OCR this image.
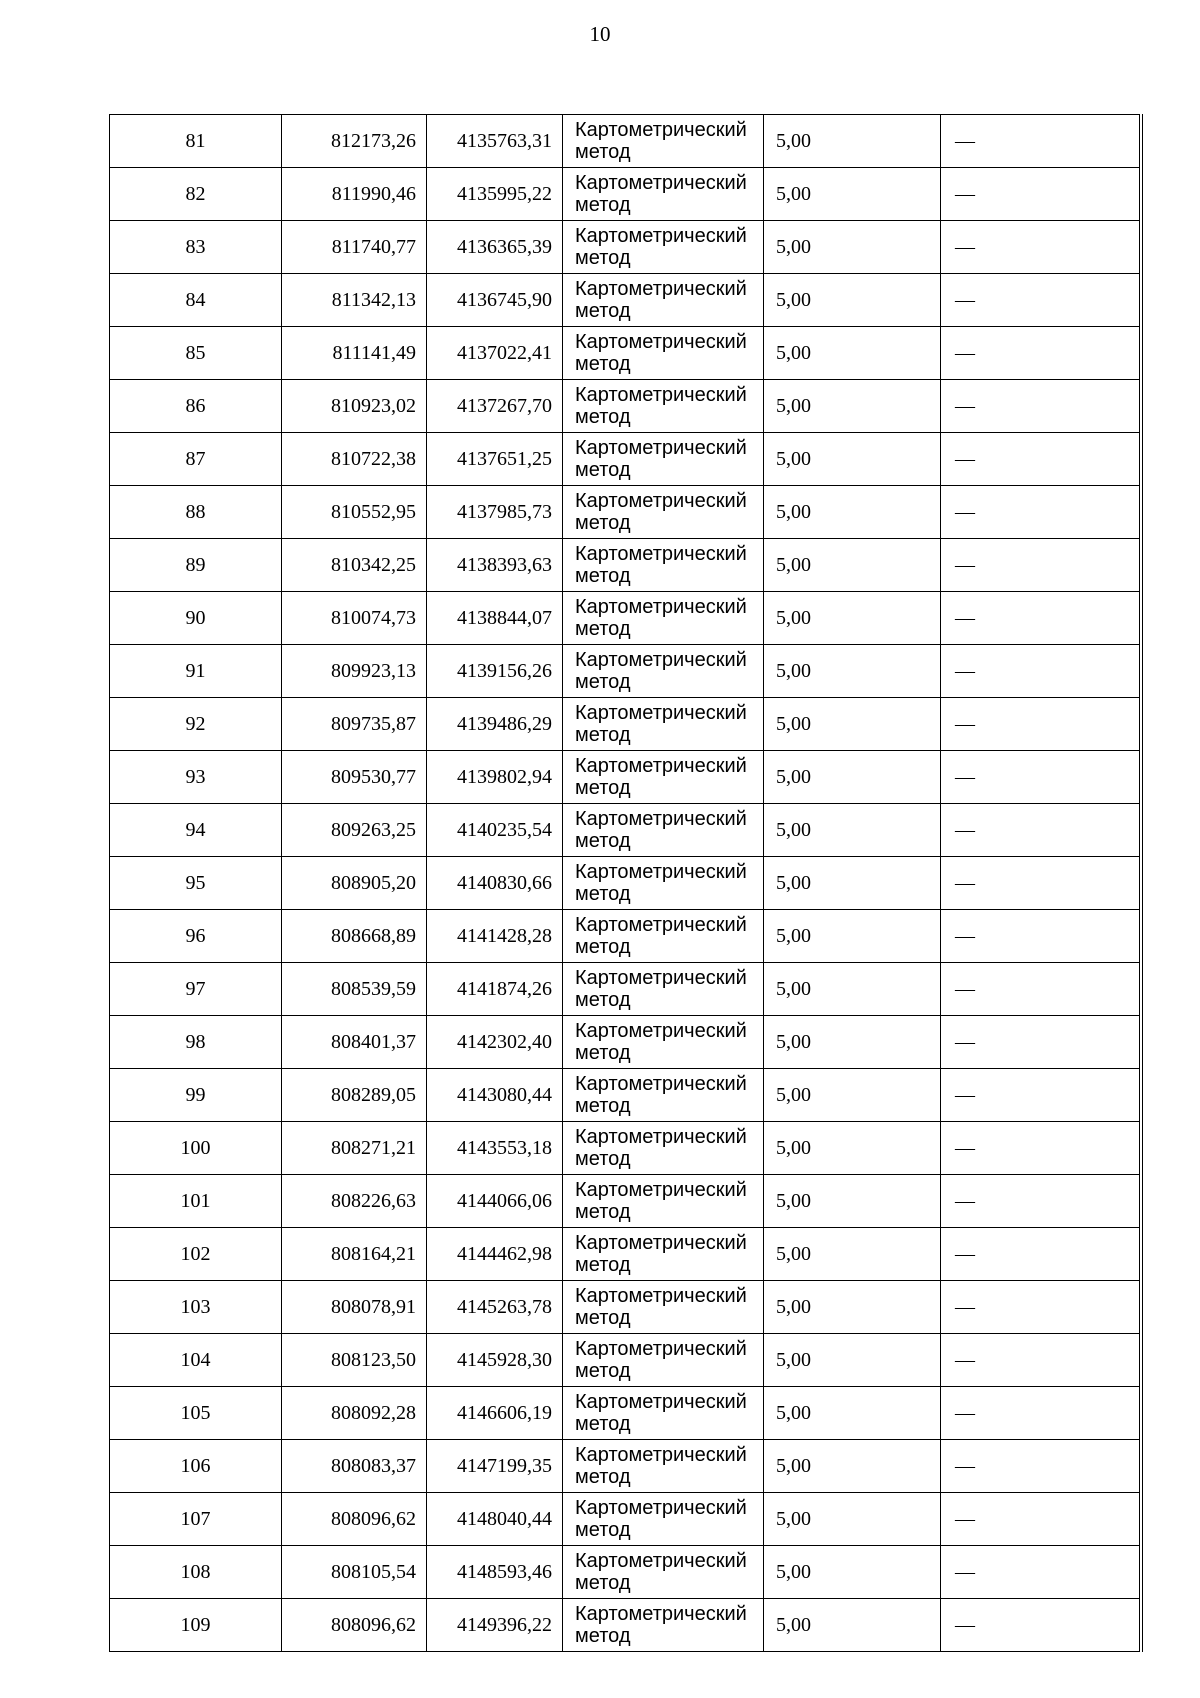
10
81	812173,26	4135763,31	Картометрический метод	5,00	—
82	811990,46	4135995,22	Картометрический метод	5,00	—
83	811740,77	4136365,39	Картометрический метод	5,00	—
84	811342,13	4136745,90	Картометрический метод	5,00	—
85	811141,49	4137022,41	Картометрический метод	5,00	—
86	810923,02	4137267,70	Картометрический метод	5,00	—
87	810722,38	4137651,25	Картометрический метод	5,00	—
88	810552,95	4137985,73	Картометрический метод	5,00	—
89	810342,25	4138393,63	Картометрический метод	5,00	—
90	810074,73	4138844,07	Картометрический метод	5,00	—
91	809923,13	4139156,26	Картометрический метод	5,00	—
92	809735,87	4139486,29	Картометрический метод	5,00	—
93	809530,77	4139802,94	Картометрический метод	5,00	—
94	809263,25	4140235,54	Картометрический метод	5,00	—
95	808905,20	4140830,66	Картометрический метод	5,00	—
96	808668,89	4141428,28	Картометрический метод	5,00	—
97	808539,59	4141874,26	Картометрический метод	5,00	—
98	808401,37	4142302,40	Картометрический метод	5,00	—
99	808289,05	4143080,44	Картометрический метод	5,00	—
100	808271,21	4143553,18	Картометрический метод	5,00	—
101	808226,63	4144066,06	Картометрический метод	5,00	—
102	808164,21	4144462,98	Картометрический метод	5,00	—
103	808078,91	4145263,78	Картометрический метод	5,00	—
104	808123,50	4145928,30	Картометрический метод	5,00	—
105	808092,28	4146606,19	Картометрический метод	5,00	—
106	808083,37	4147199,35	Картометрический метод	5,00	—
107	808096,62	4148040,44	Картометрический метод	5,00	—
108	808105,54	4148593,46	Картометрический метод	5,00	—
109	808096,62	4149396,22	Картометрический метод	5,00	—
